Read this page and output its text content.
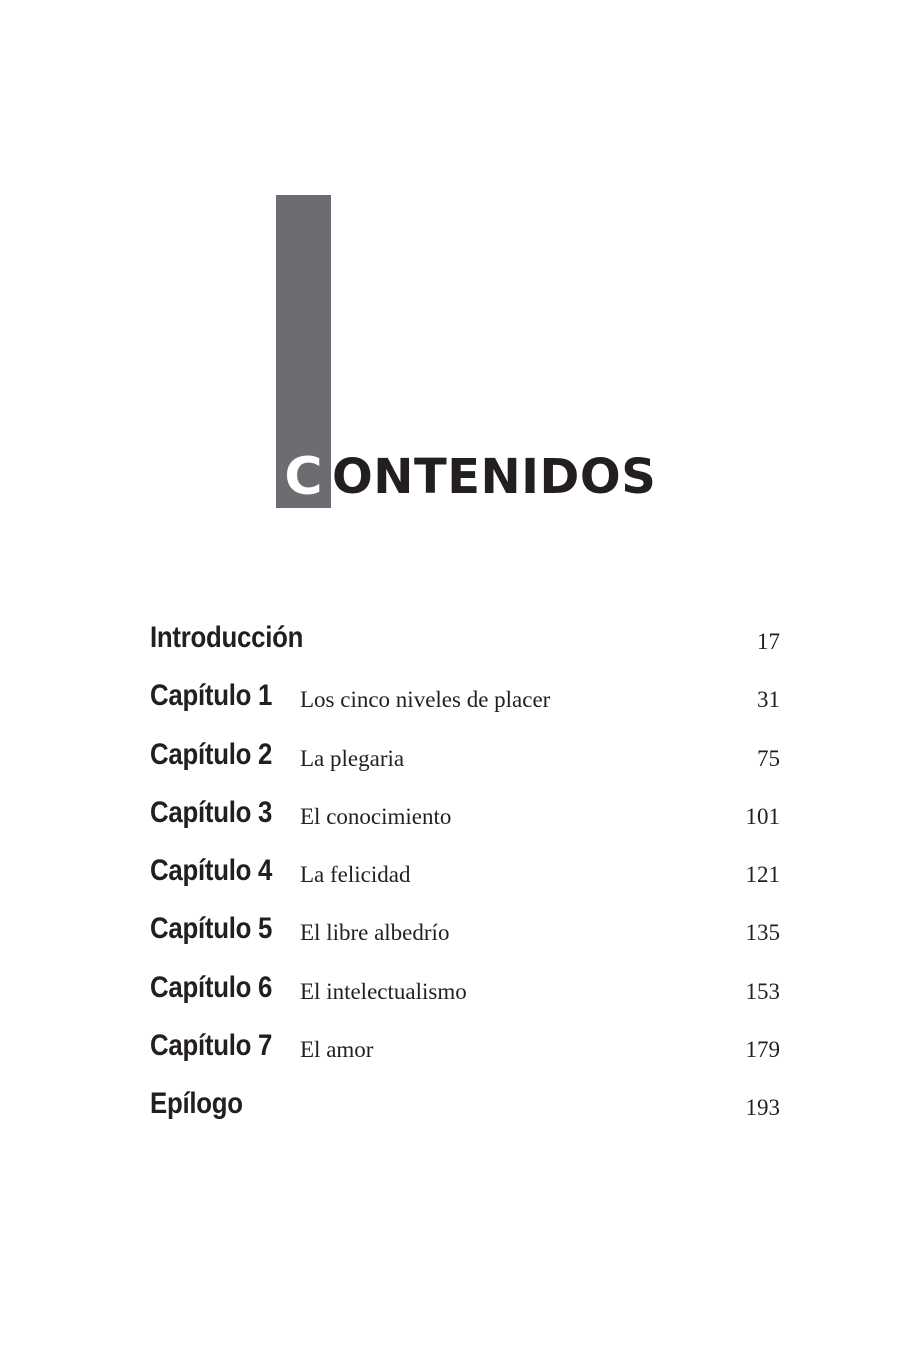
C ONTENIDOS
Introducción	17
Capítulo 1 Los cinco niveles de placer	31
Capítulo 2 La plegaria	75
Capítulo 3 El conocimiento	101
Capítulo 4 La felicidad	121
Capítulo 5 El libre albedrío	135
Capítulo 6 El intelectualismo	153
Capítulo 7 El amor	179
Epílogo	193
